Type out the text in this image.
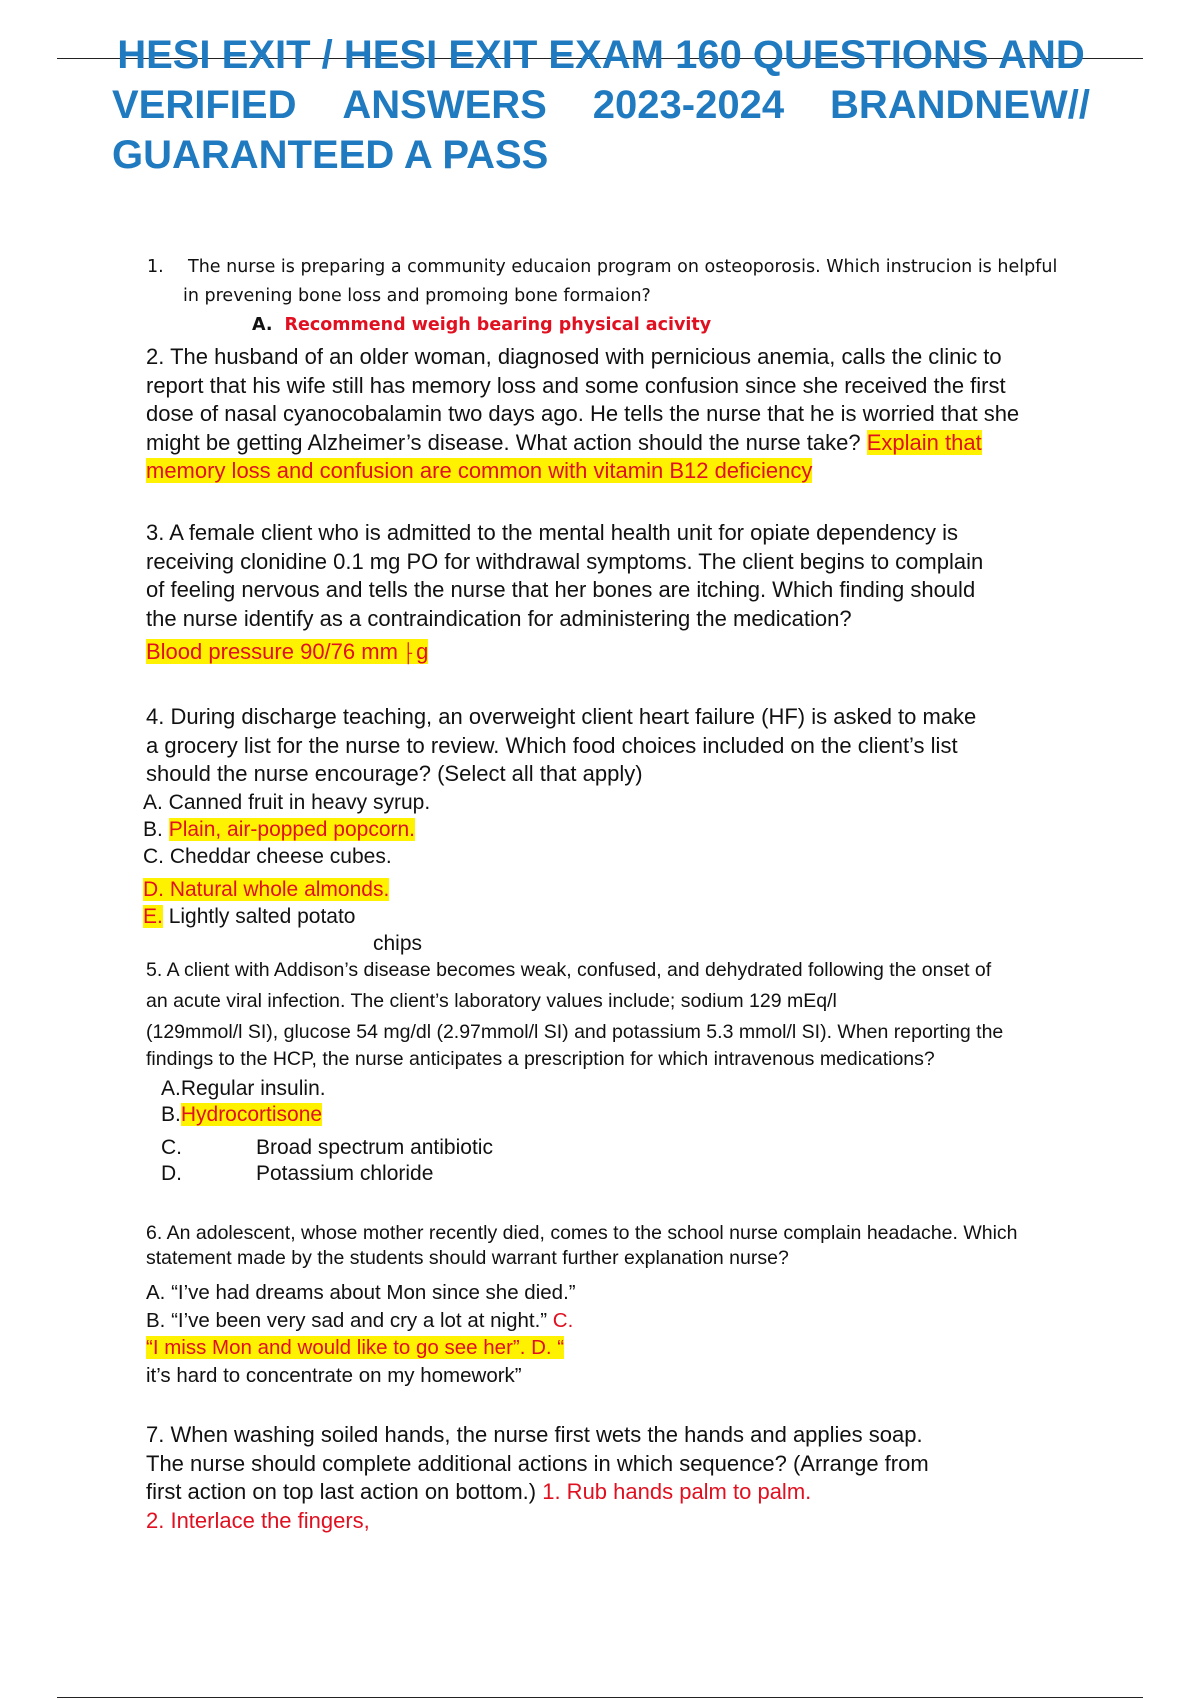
HESI EXIT / HESI EXIT EXAM 160 QUESTIONS AND
VERIFIED ANSWERS 2023-2024 BRANDNEW//
GUARANTEED A PASS
1. The nurse is preparing a community educaion program on osteoporosis. Which instrucion is helpful
in prevening bone loss and promoing bone formaion?
A. Recommend weigh bearing physical acivity
2. The husband of an older woman, diagnosed with pernicious anemia, calls the clinic to
report that his wife still has memory loss and some confusion since she received the first
dose of nasal cyanocobalamin two days ago. He tells the nurse that he is worried that she
might be getting Alzheimer’s disease. What action should the nurse take? Explain that
memory loss and confusion are common with vitamin B12 deficiency
3. A female client who is admitted to the mental health unit for opiate dependency is
receiving clonidine 0.1 mg PO for withdrawal symptoms. The client begins to complain
of feeling nervous and tells the nurse that her bones are itching. Which finding should
the nurse identify as a contraindication for administering the medication?
Blood pressure 90/76 mm ⸠g
4. During discharge teaching, an overweight client heart failure (HF) is asked to make
a grocery list for the nurse to review. Which food choices included on the client’s list
should the nurse encourage? (Select all that apply)
A. Canned fruit in heavy syrup.
B. Plain, air-popped popcorn.
C. Cheddar cheese cubes.
D. Natural whole almonds.
E. Lightly salted potato
chips
5. A client with Addison’s disease becomes weak, confused, and dehydrated following the onset of
an acute viral infection. The client’s laboratory values include; sodium 129 mEq/l
(129mmol/l SI), glucose 54 mg/dl (2.97mmol/l SI) and potassium 5.3 mmol/l SI). When reporting the
findings to the HCP, the nurse anticipates a prescription for which intravenous medications?
A.Regular insulin.
B.Hydrocortisone
C.	Broad spectrum antibiotic
D.	Potassium chloride
6. An adolescent, whose mother recently died, comes to the school nurse complain headache. Which
statement made by the students should warrant further explanation nurse?
A. “I’ve had dreams about Mon since she died.”
B. “I’ve been very sad and cry a lot at night.” C.
“I miss Mon and would like to go see her”. D. “
it’s hard to concentrate on my homework”
7. When washing soiled hands, the nurse first wets the hands and applies soap.
The nurse should complete additional actions in which sequence? (Arrange from
first action on top last action on bottom.) 1. Rub hands palm to palm.
2. Interlace the fingers,
